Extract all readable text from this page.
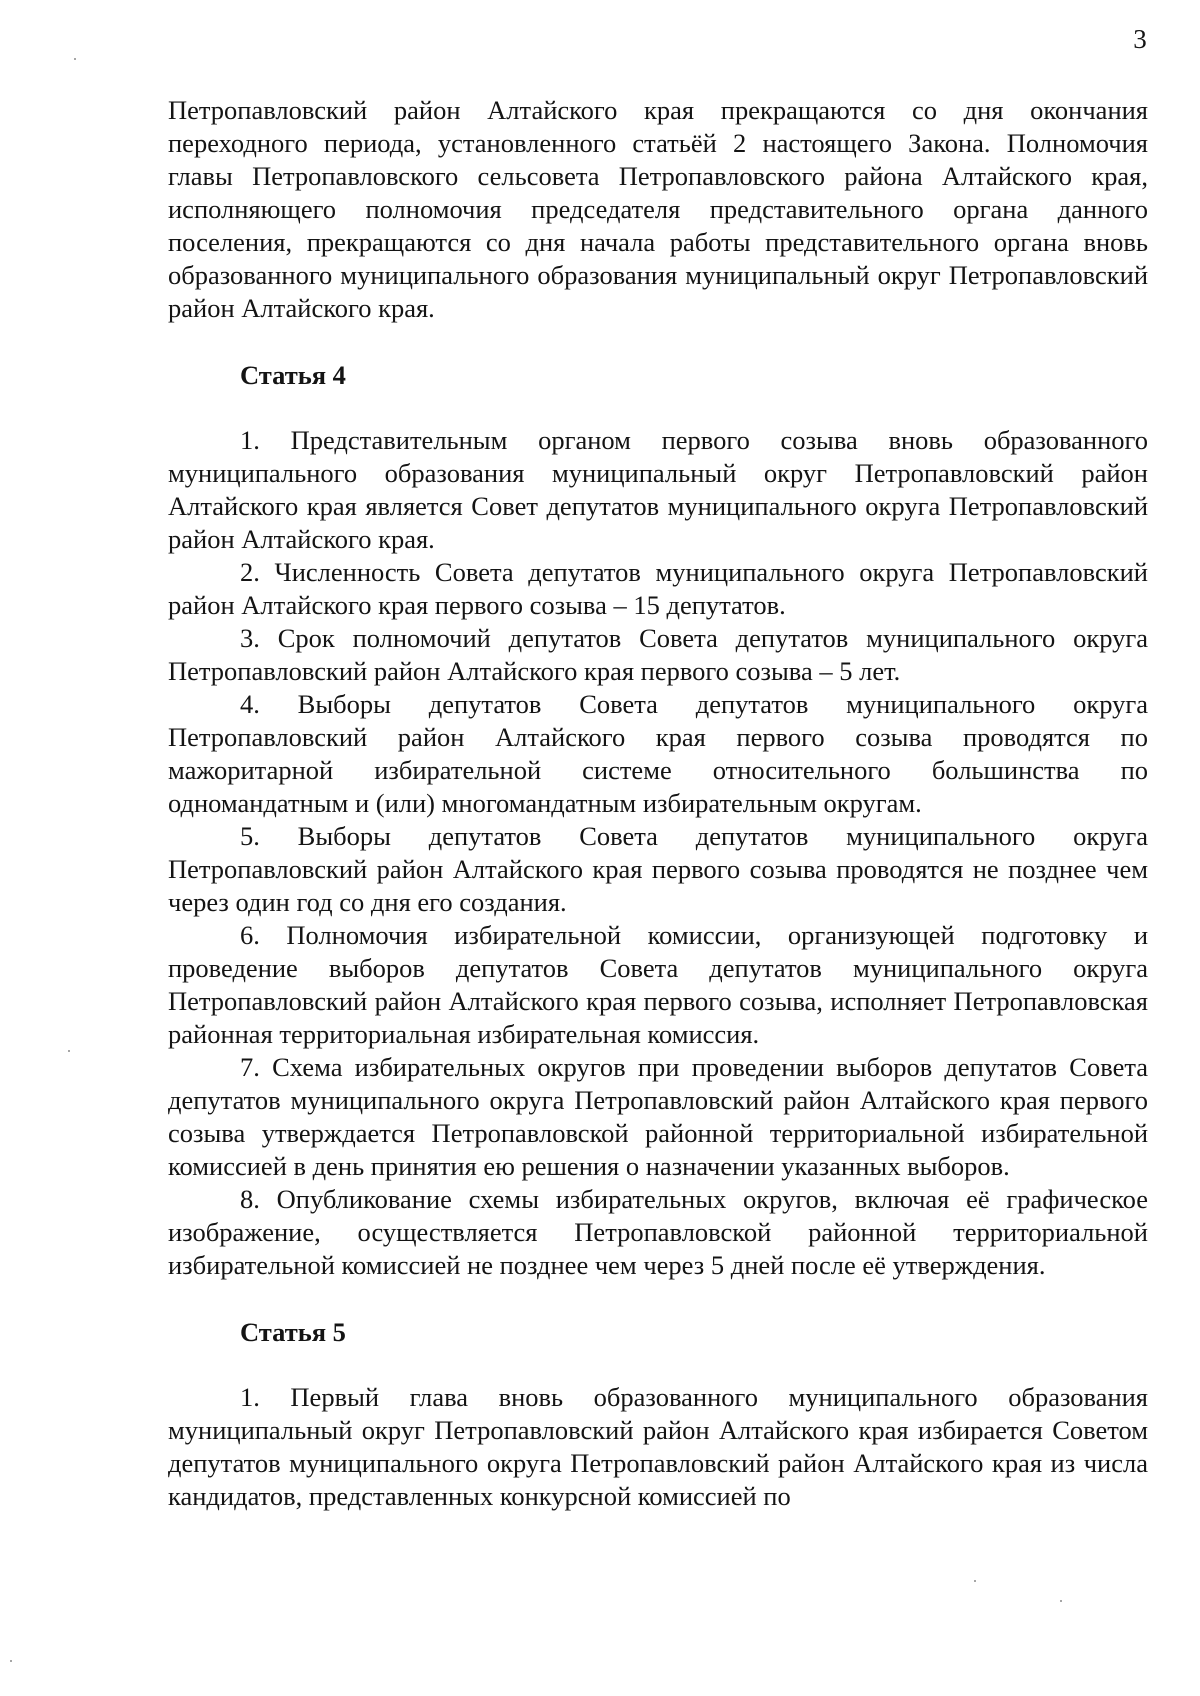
3

Петропавловский район Алтайского края прекращаются со дня окончания переходного периода, установленного статьёй 2 настоящего Закона. Полномочия главы Петропавловского сельсовета Петропавловского района Алтайского края, исполняющего полномочия председателя представительного органа данного поселения, прекращаются со дня начала работы представительного органа вновь образованного муниципального образования муниципальный округ Петропавловский район Алтайского края.

Статья 4

1. Представительным органом первого созыва вновь образованного муниципального образования муниципальный округ Петропавловский район Алтайского края является Совет депутатов муниципального округа Петропавловский район Алтайского края.

2. Численность Совета депутатов муниципального округа Петропавловский район Алтайского края первого созыва – 15 депутатов.

3. Срок полномочий депутатов Совета депутатов муниципального округа Петропавловский район Алтайского края первого созыва – 5 лет.

4. Выборы депутатов Совета депутатов муниципального округа Петропавловский район Алтайского края первого созыва проводятся по мажоритарной избирательной системе относительного большинства по одномандатным и (или) многомандатным избирательным округам.

5. Выборы депутатов Совета депутатов муниципального округа Петропавловский район Алтайского края первого созыва проводятся не позднее чем через один год со дня его создания.

6. Полномочия избирательной комиссии, организующей подготовку и проведение выборов депутатов Совета депутатов муниципального округа Петропавловский район Алтайского края первого созыва, исполняет Петропавловская районная территориальная избирательная комиссия.

7. Схема избирательных округов при проведении выборов депутатов Совета депутатов муниципального округа Петропавловский район Алтайского края первого созыва утверждается Петропавловской районной территориальной избирательной комиссией в день принятия ею решения о назначении указанных выборов.

8. Опубликование схемы избирательных округов, включая её графическое изображение, осуществляется Петропавловской районной территориальной избирательной комиссией не позднее чем через 5 дней после её утверждения.

Статья 5

1. Первый глава вновь образованного муниципального образования муниципальный округ Петропавловский район Алтайского края избирается Советом депутатов муниципального округа Петропавловский район Алтайского края из числа кандидатов, представленных конкурсной комиссией по
